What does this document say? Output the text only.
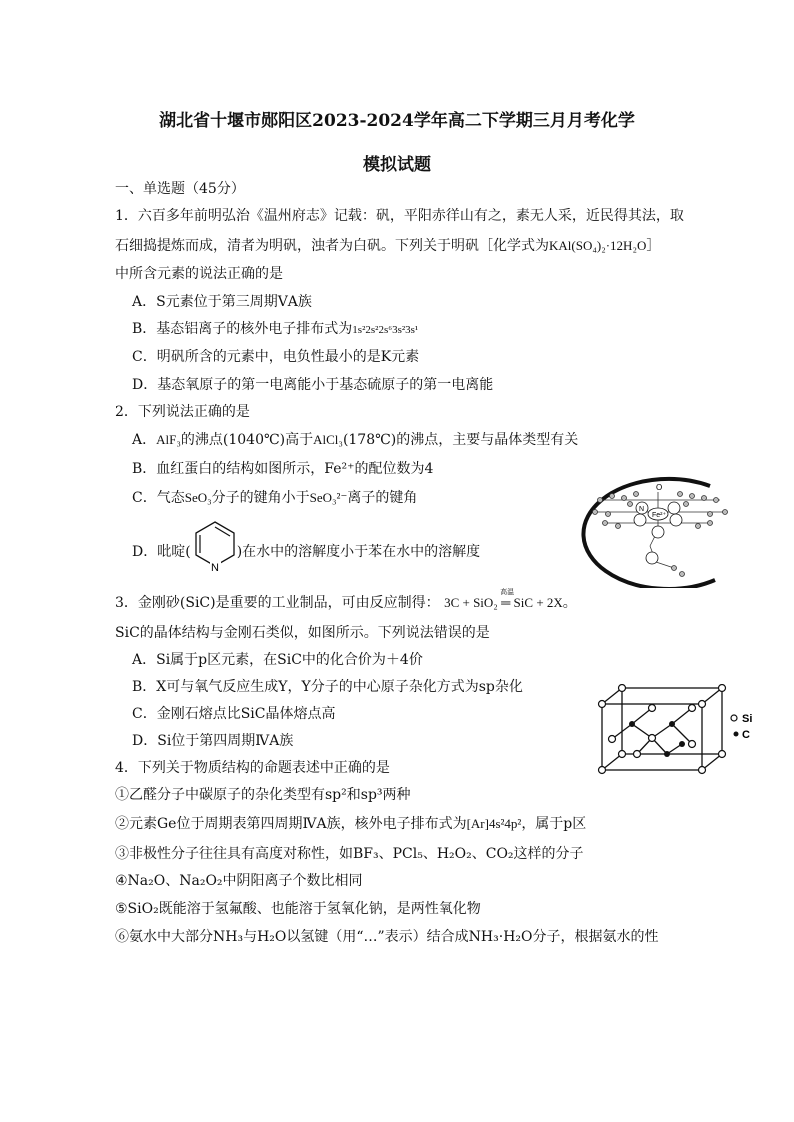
湖北省十堰市郧阳区2023-2024学年高二下学期三月月考化学
模拟试题
一、单选题（45分）
1．六百多年前明弘治《温州府志》记载：矾，平阳赤徉山有之，素无人采，近民得其法，取
石细捣提炼而成，清者为明矾，浊者为白矾。下列关于明矾［化学式为KAl(SO₄)₂·12H₂O］
中所含元素的说法正确的是
A．S元素位于第三周期ⅤA族
B．基态铝离子的核外电子排布式为1s²2s²2s⁶3s²3s¹
C．明矾所含的元素中，电负性最小的是K元素
D．基态氧原子的第一电离能小于基态硫原子的第一电离能
2．下列说法正确的是
A．AlF₃的沸点(1040℃)高于AlCl₃(178℃)的沸点，主要与晶体类型有关
B．血红蛋白的结构如图所示，Fe²⁺的配位数为4
C．气态SeO₃分子的键角小于SeO₃²⁻离子的键角
D．吡啶(	)在水中的溶解度小于苯在水中的溶解度
N
Fe²⁺
N
O
3．金刚砂(SiC)是重要的工业制品，可由反应制得：
高温
3C + SiO₂ ═ SiC + 2X。
SiC的晶体结构与金刚石类似，如图所示。下列说法错误的是
A．Si属于p区元素，在SiC中的化合价为＋4价
B．X可与氧气反应生成Y，Y分子的中心原子杂化方式为sp杂化
C．金刚石熔点比SiC晶体熔点高
D．Si位于第四周期ⅣA族
Si
C
4．下列关于物质结构的命题表述中正确的是
①乙醛分子中碳原子的杂化类型有sp²和sp³两种
②元素Ge位于周期表第四周期ⅣA族，核外电子排布式为[Ar]4s²4p²，属于p区
③非极性分子往往具有高度对称性，如BF₃、PCl₅、H₂O₂、CO₂这样的分子
④Na₂O、Na₂O₂中阴阳离子个数比相同
⑤SiO₂既能溶于氢氟酸、也能溶于氢氧化钠，是两性氧化物
⑥氨水中大部分NH₃与H₂O以氢键（用“…”表示）结合成NH₃·H₂O分子，根据氨水的性
